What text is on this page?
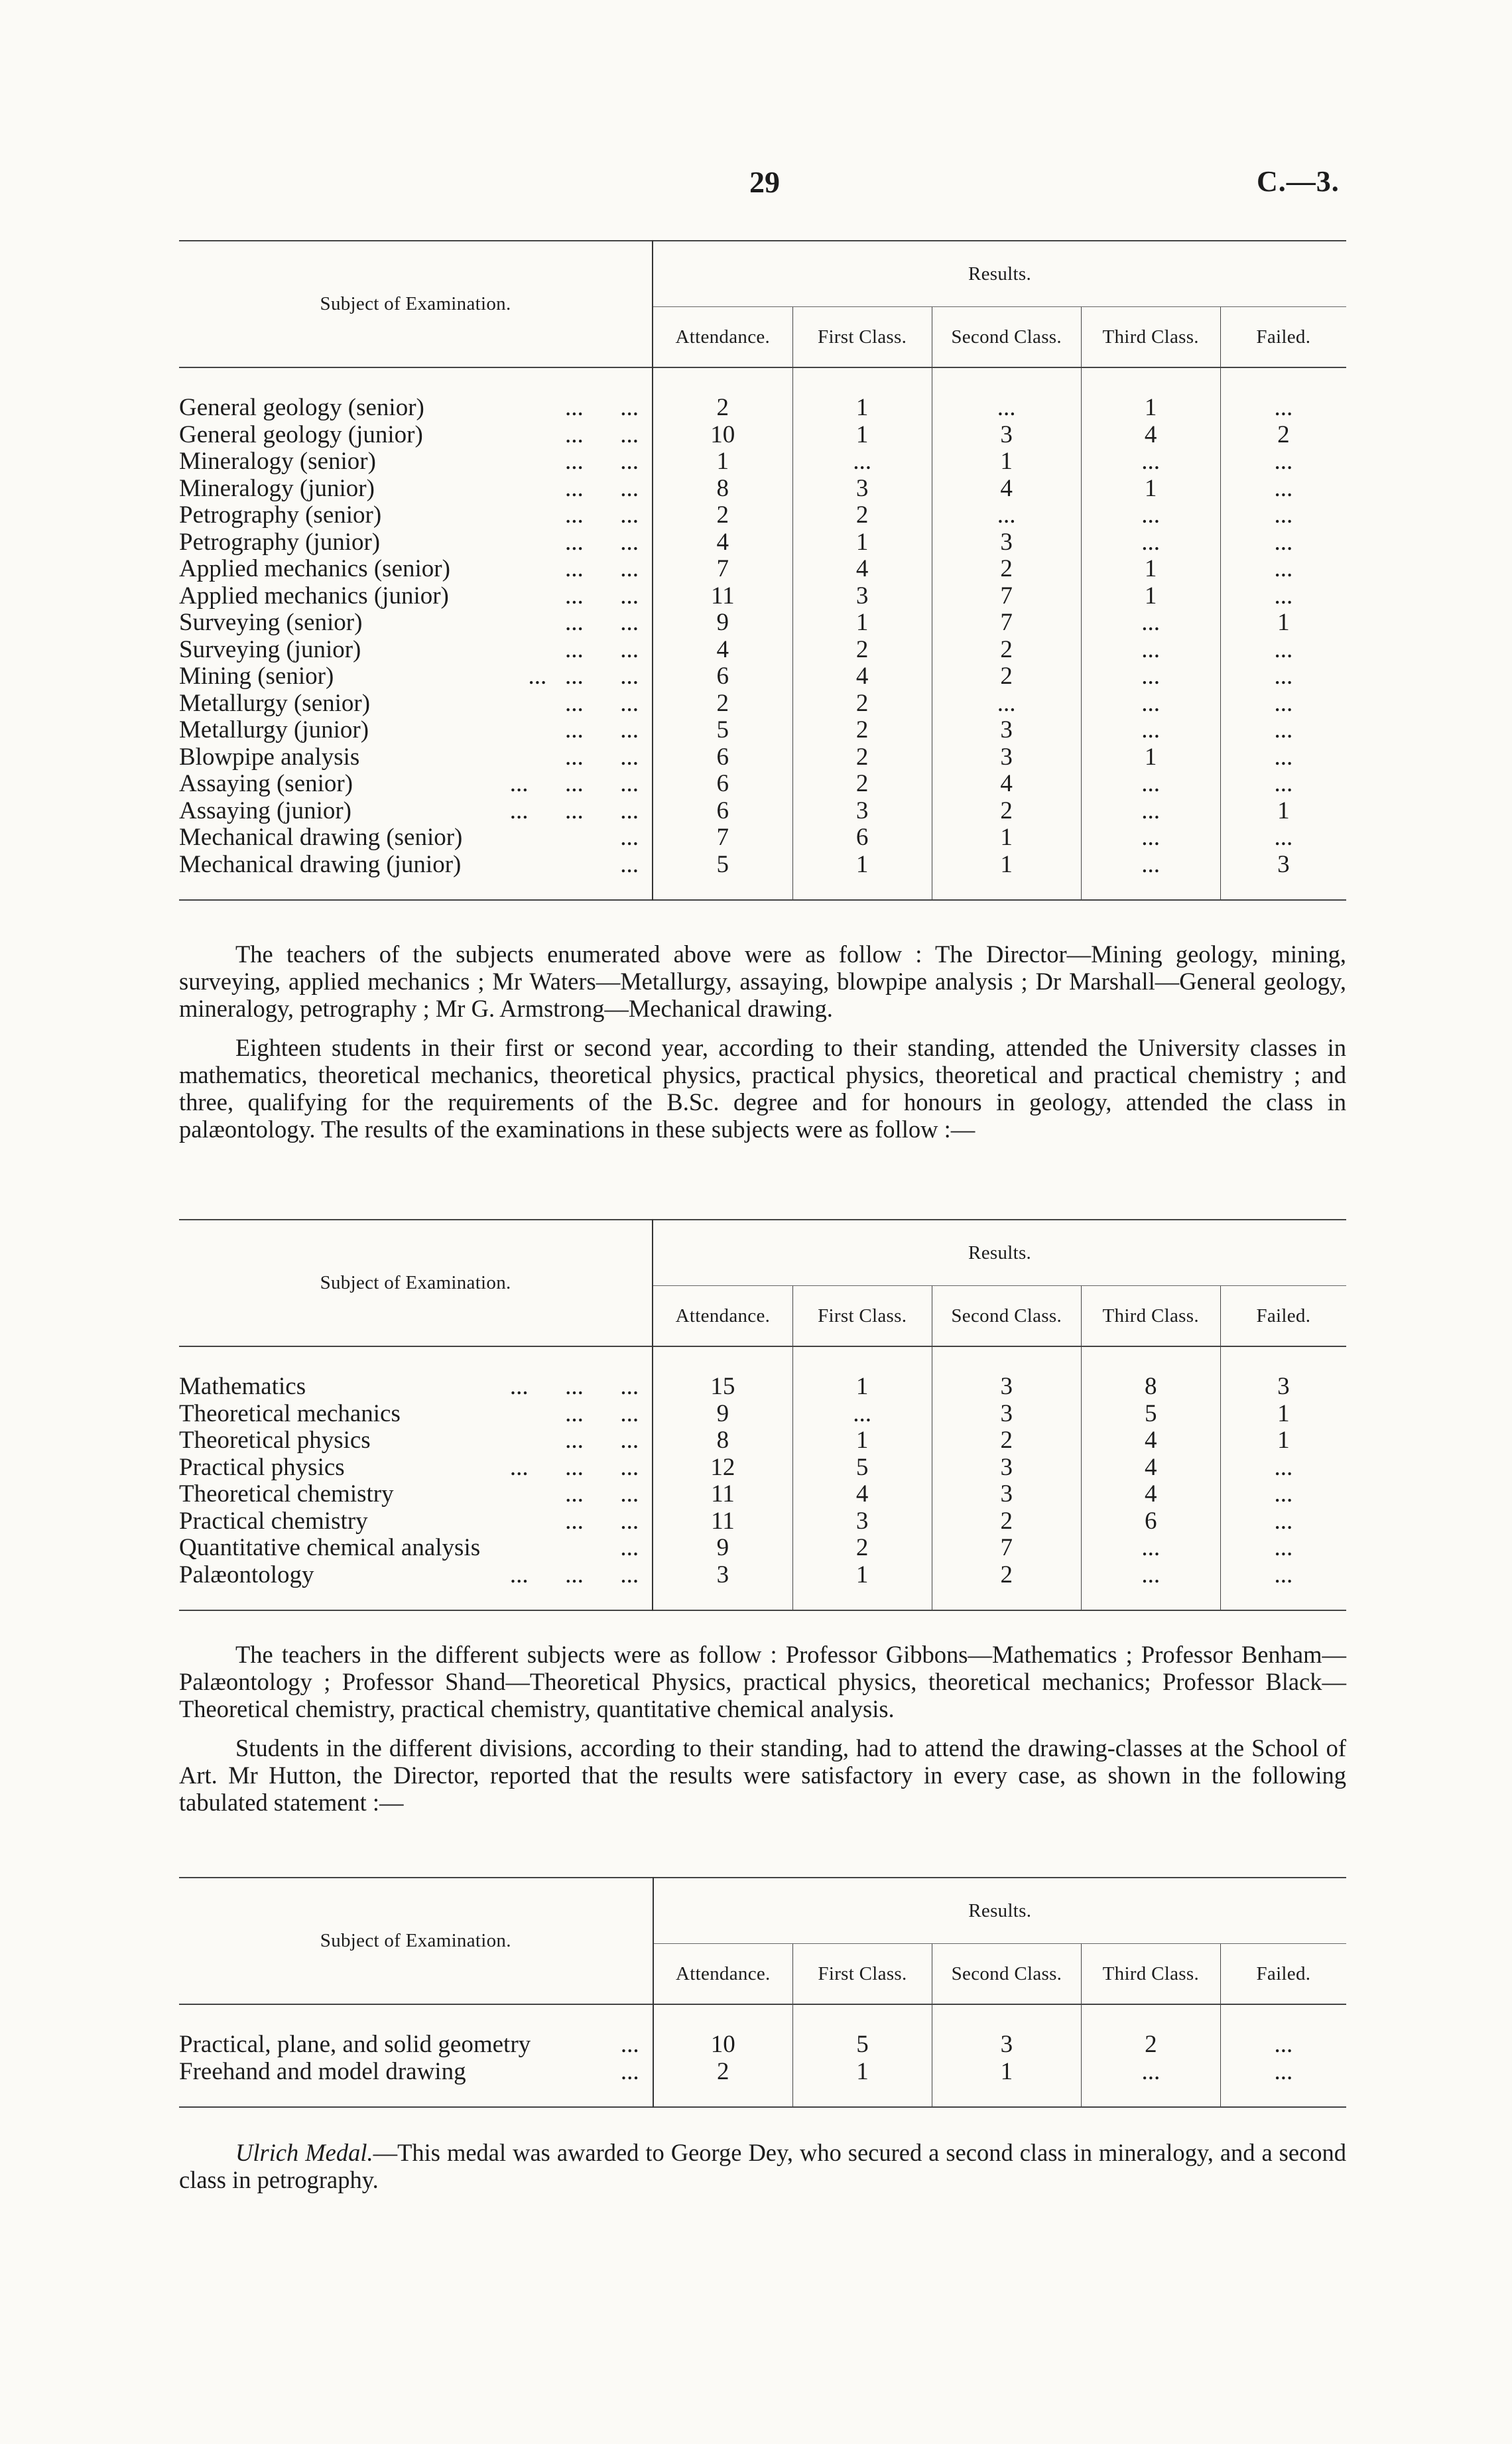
29	C.—3.
Subject of Examination.	Results.				
	Attendance.	First Class.	Second Class.	Third Class.	Failed.
General geology (senior) ...      ...	2	1	...	1	...
General geology (junior) ...      ...	10	1	3	4	2
Mineralogy (senior) ...      ...	1	...	1	...	...
Mineralogy (junior) ...      ...	8	3	4	1	...
Petrography (senior) ...      ...	2	2	...	...	...
Petrography (junior) ...      ...	4	1	3	...	...
Applied mechanics (senior) ...      ...	7	4	2	1	...
Applied mechanics (junior) ...      ...	11	3	7	1	...
Surveying (senior) ...      ...	9	1	7	...	1
Surveying (junior) ...      ...	4	2	2	...	...
Mining (senior) ...   ...      ...	6	4	2	...	...
Metallurgy (senior) ...      ...	2	2	...	...	...
Metallurgy (junior) ...      ...	5	2	3	...	...
Blowpipe analysis ...      ...	6	2	3	1	...
Assaying (senior) ...      ...      ...	6	2	4	...	...
Assaying (junior) ...      ...      ...	6	3	2	...	1
Mechanical drawing (senior) ...	7	6	1	...	...
Mechanical drawing (junior) ...	5	1	1	...	3

The teachers of the subjects enumerated above were as follow : The Director—Mining geology, mining, surveying, applied mechanics ; Mr Waters—Metallurgy, assaying, blowpipe analysis ; Dr Marshall—General geology, mineralogy, petrography ; Mr G. Armstrong—Mechanical drawing.

Eighteen students in their first or second year, according to their standing, attended the University classes in mathematics, theoretical mechanics, theoretical physics, practical physics, theoretical and practical chemistry ; and three, qualifying for the requirements of the B.Sc. degree and for honours in geology, attended the class in palæontology. The results of the examinations in these subjects were as follow :—

Subject of Examination.	Results.				
	Attendance.	First Class.	Second Class.	Third Class.	Failed.
Mathematics ...      ...      ...	15	1	3	8	3
Theoretical mechanics ...      ...	9	...	3	5	1
Theoretical physics ...      ...	8	1	2	4	1
Practical physics ...      ...      ...	12	5	3	4	...
Theoretical chemistry ...      ...	11	4	3	4	...
Practical chemistry ...      ...	11	3	2	6	...
Quantitative chemical analysis ...	9	2	7	...	...
Palæontology ...      ...      ...	3	1	2	...	...

The teachers in the different subjects were as follow : Professor Gibbons—Mathematics ; Professor Benham—Palæontology ; Professor Shand—Theoretical Physics, practical physics, theoretical mechanics; Professor Black—Theoretical chemistry, practical chemistry, quantitative chemical analysis.

Students in the different divisions, according to their standing, had to attend the drawing-classes at the School of Art. Mr Hutton, the Director, reported that the results were satisfactory in every case, as shown in the following tabulated statement :—

Subject of Examination.	Results.				
	Attendance.	First Class.	Second Class.	Third Class.	Failed.
Practical, plane, and solid geometry ...	10	5	3	2	...
Freehand and model drawing ...	2	1	1	...	...

Ulrich Medal.—This medal was awarded to George Dey, who secured a second class in mineralogy, and a second class in petrography.
